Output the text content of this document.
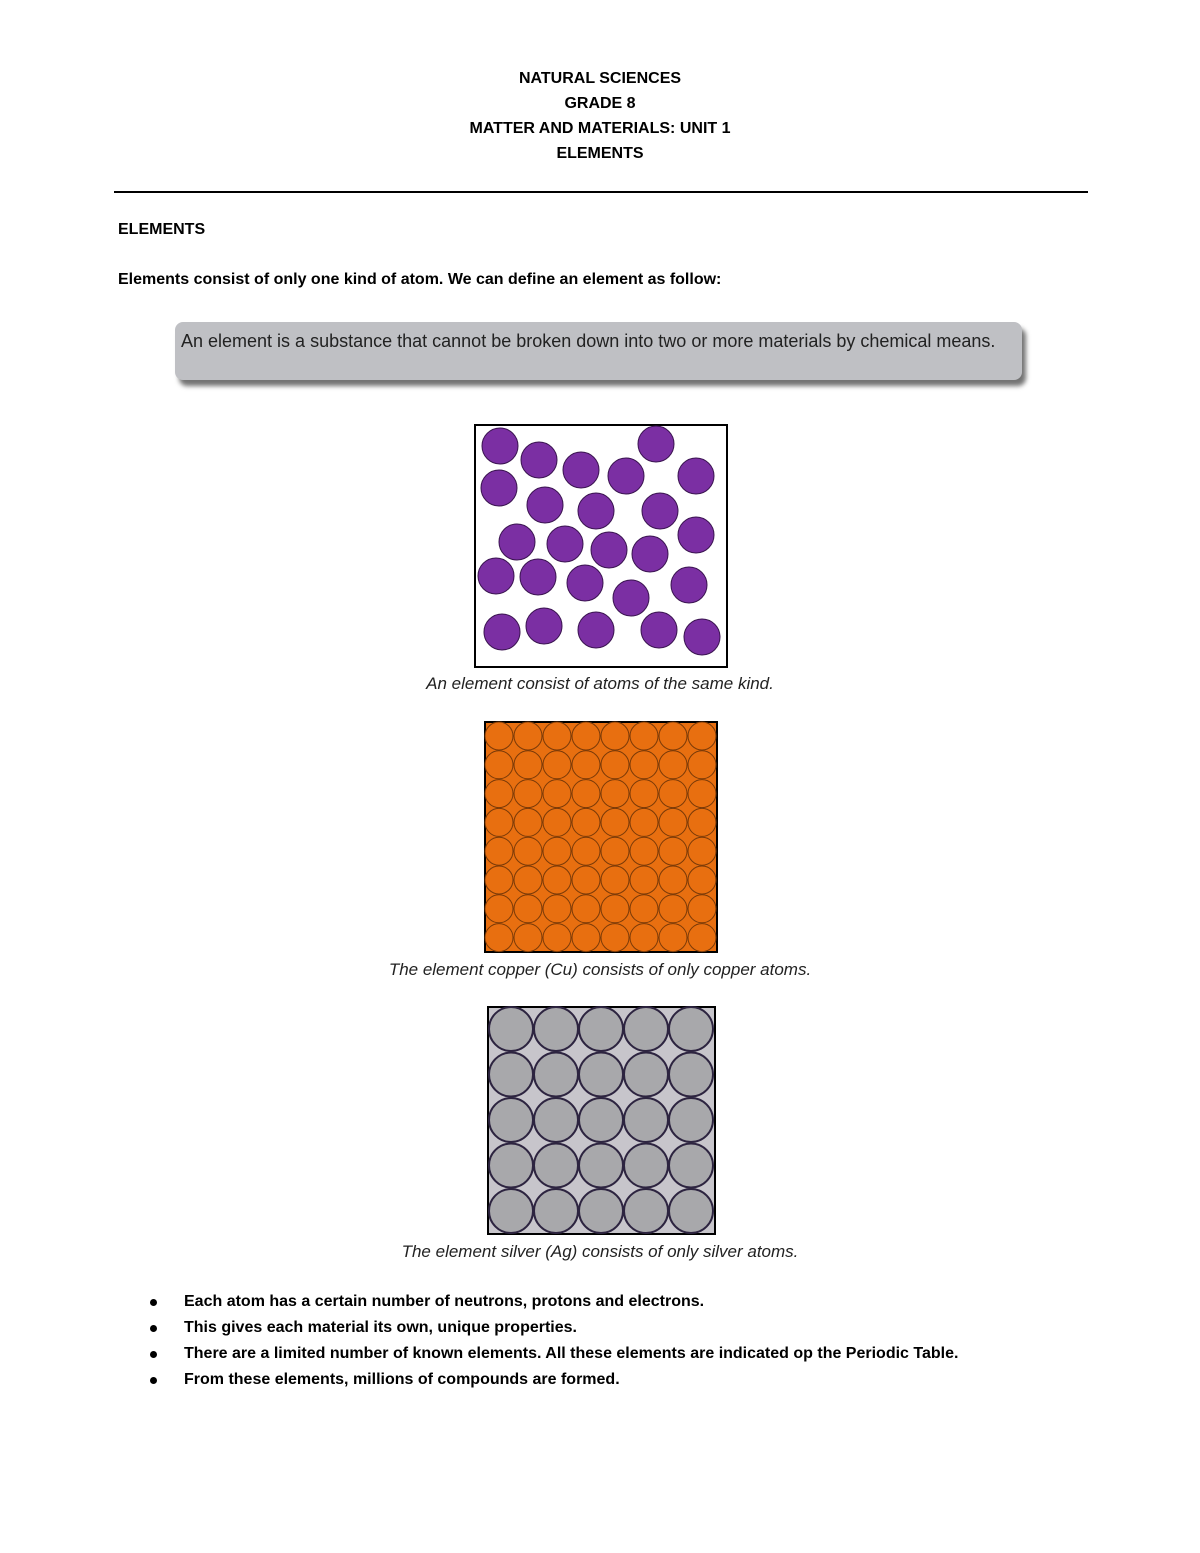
NATURAL SCIENCES
GRADE 8
MATTER AND MATERIALS: UNIT 1
ELEMENTS
ELEMENTS
Elements consist of only one kind of atom. We can define an element as follow:
An element is a substance that cannot be broken down into two or more materials by chemical means.
An element consist of atoms of the same kind.
The element copper (Cu) consists of only copper atoms.
The element silver (Ag) consists of only silver atoms.
Each atom has a certain number of neutrons, protons and electrons.
This gives each material its own, unique properties.
There are a limited number of known elements. All these elements are indicated op the Periodic Table.
From these elements, millions of compounds are formed.
